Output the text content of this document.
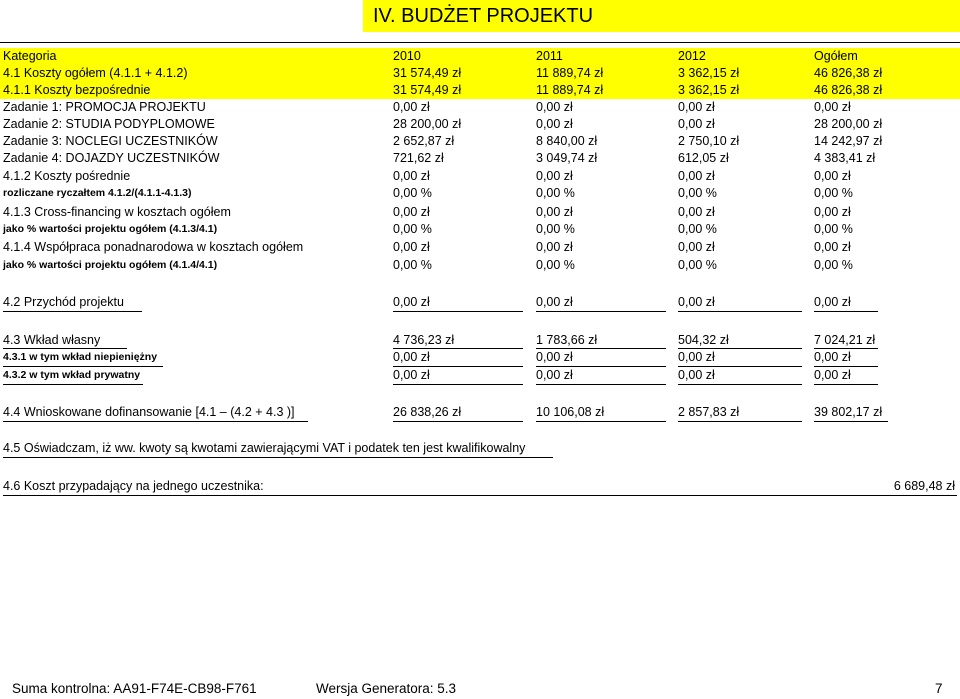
IV. BUDŻET PROJEKTU
Kategoria	2010	2011	2012	Ogółem
4.1 Koszty ogółem (4.1.1 + 4.1.2)	31 574,49 zł	11 889,74 zł	3 362,15 zł	46 826,38 zł
4.1.1 Koszty bezpośrednie	31 574,49 zł	11 889,74 zł	3 362,15 zł	46 826,38 zł
Zadanie 1: PROMOCJA PROJEKTU	0,00 zł	0,00 zł	0,00 zł	0,00 zł
Zadanie 2: STUDIA PODYPLOMOWE	28 200,00 zł	0,00 zł	0,00 zł	28 200,00 zł
Zadanie 3: NOCLEGI UCZESTNIKÓW	2 652,87 zł	8 840,00 zł	2 750,10 zł	14 242,97 zł
Zadanie 4: DOJAZDY UCZESTNIKÓW	721,62 zł	3 049,74 zł	612,05 zł	4 383,41 zł
4.1.2 Koszty pośrednie	0,00 zł	0,00 zł	0,00 zł	0,00 zł
rozliczane ryczałtem 4.1.2/(4.1.1-4.1.3)	0,00 %	0,00 %	0,00 %	0,00 %
4.1.3 Cross-financing w kosztach ogółem	0,00 zł	0,00 zł	0,00 zł	0,00 zł
jako % wartości projektu ogółem (4.1.3/4.1)	0,00 %	0,00 %	0,00 %	0,00 %
4.1.4 Współpraca ponadnarodowa w kosztach ogółem	0,00 zł	0,00 zł	0,00 zł	0,00 zł
jako % wartości projektu ogółem (4.1.4/4.1)	0,00 %	0,00 %	0,00 %	0,00 %
4.2 Przychód projektu	0,00 zł	0,00 zł	0,00 zł	0,00 zł
4.3 Wkład własny	4 736,23 zł	1 783,66 zł	504,32 zł	7 024,21 zł
4.3.1 w tym wkład niepieniężny	0,00 zł	0,00 zł	0,00 zł	0,00 zł
4.3.2 w tym wkład prywatny	0,00 zł	0,00 zł	0,00 zł	0,00 zł
4.4 Wnioskowane dofinansowanie [4.1 – (4.2 + 4.3 )]	26 838,26 zł	10 106,08 zł	2 857,83 zł	39 802,17 zł
4.5 Oświadczam, iż ww. kwoty są kwotami zawierającymi VAT i podatek ten jest kwalifikowalny
4.6 Koszt przypadający na jednego uczestnika:	6 689,48 zł
Suma kontrolna: AA91-F74E-CB98-F761	Wersja Generatora: 5.3	7
